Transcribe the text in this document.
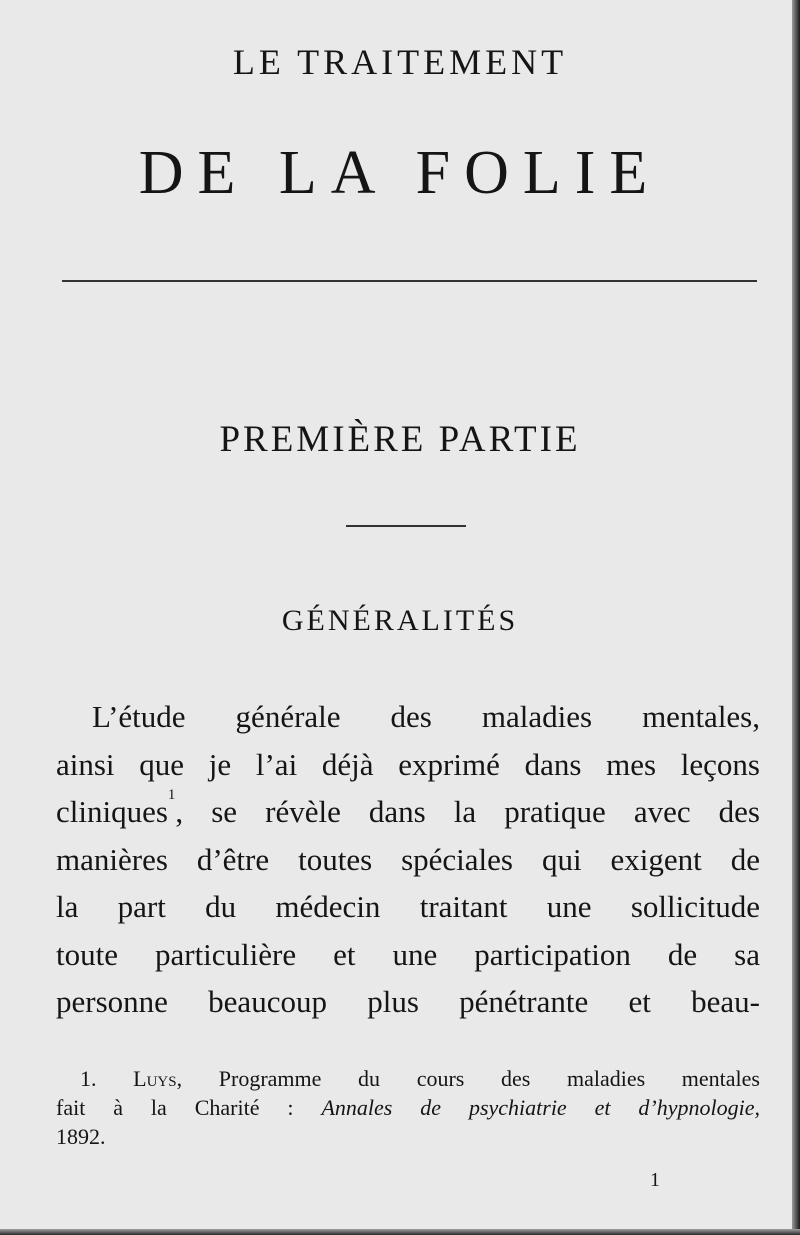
LE TRAITEMENT
DE LA FOLIE
PREMIÈRE PARTIE
GÉNÉRALITÉS
L’étude générale des maladies mentales,
ainsi que je l’ai déjà exprimé dans mes leçons
cliniques$^1$, se révèle dans la pratique avec des
manières d’être toutes spéciales qui exigent de
la part du médecin traitant une sollicitude
toute particulière et une participation de sa
personne beaucoup plus pénétrante et beau-
1. Luys, Programme du cours des maladies mentales
fait à la Charité : Annales de psychiatrie et d’hypnologie,
1892.
1
